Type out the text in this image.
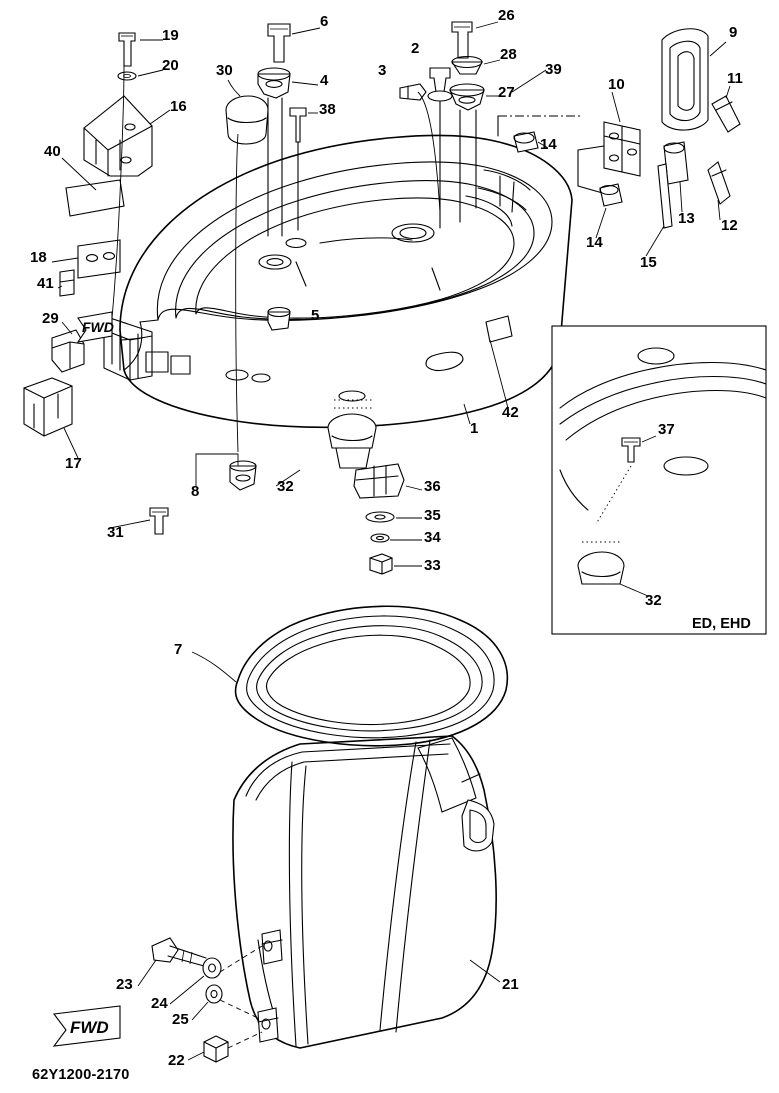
19
6	26
20
2	28
9
30
4
3	39
10	11
16	38
27
40	14
12
13
14
15
18
41
5
29
42
1
17
8	32	36
31
35
34
33
37
32
7
21
23
24
25
22
FWD
FWD
ED, EHD
62Y1200-2170
